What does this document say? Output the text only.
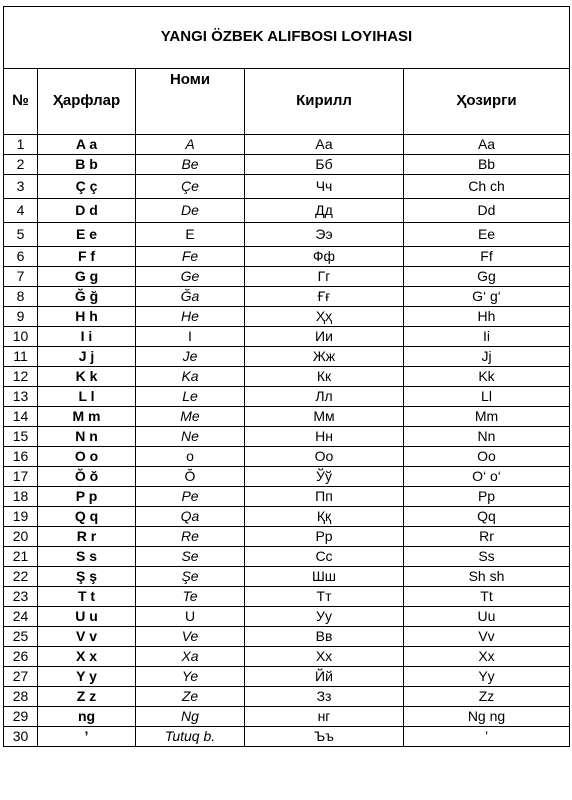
YANGI ÖZBEK ALIFBOSI LOYIHASI				
№	Ҳарфлар	Номи	Кирилл	Ҳозирги
1	A a	A	Аа	Aa
2	B b	Be	Бб	Bb
3	Ç ç	Çe	Чч	Ch ch
4	D d	De	Дд	Dd
5	E e	E	Ээ	Ee
6	F f	Fe	Фф	Ff
7	G g	Ge	Гг	Gg
8	Ğ ğ	Ğa	Ғғ	G‘ g‘
9	H h	He	Ҳҳ	Hh
10	I i	I	Ии	Ii
11	J j	Je	Жж	Jj
12	K k	Ka	Кк	Kk
13	L l	Le	Лл	Ll
14	M m	Me	Мм	Mm
15	N n	Ne	Нн	Nn
16	O o	o	Оо	Oo
17	Ŏ ŏ	Ŏ	Ўў	O‘ o‘
18	P p	Pe	Пп	Pp
19	Q q	Qa	Ққ	Qq
20	R r	Re	Рр	Rr
21	S s	Se	Сс	Ss
22	Ş ş	Şe	Шш	Sh sh
23	T t	Te	Тт	Tt
24	U u	U	Уу	Uu
25	V v	Ve	Вв	Vv
26	X x	Xa	Хх	Xx
27	Y y	Ye	Йй	Yy
28	Z z	Ze	Зз	Zz
29	ng	Ng	нг	Ng ng
30	’	Tutuq b.	Ъъ	’
